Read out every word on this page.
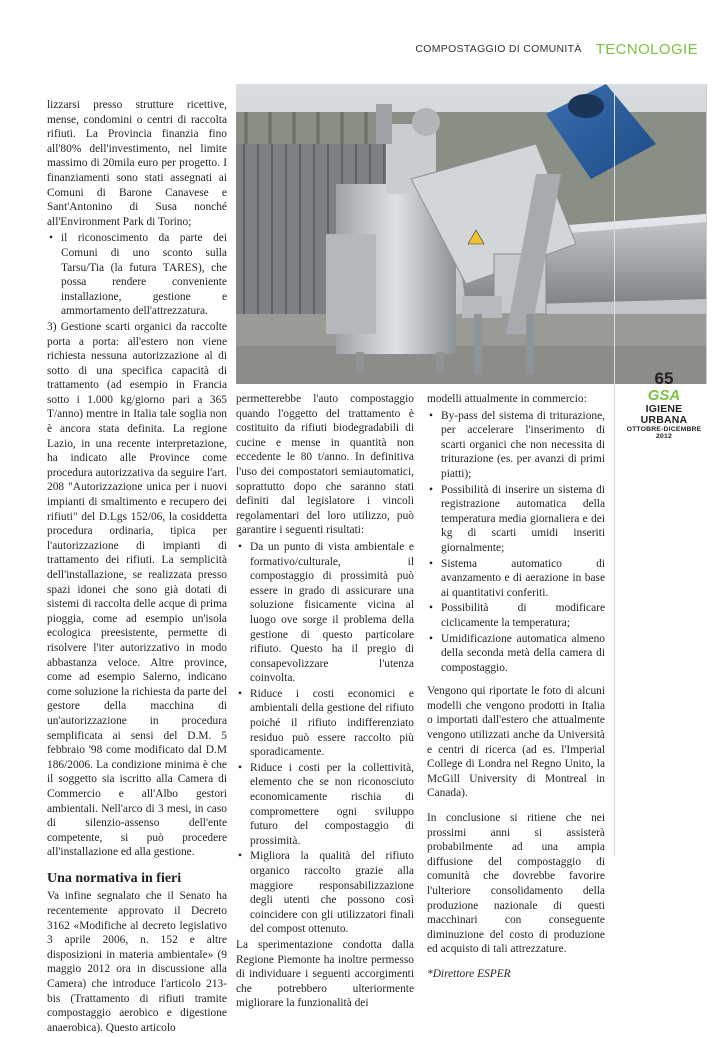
COMPOSTAGGIO DI COMUNITÀ TECNOLOGIE

lizzarsi presso strutture ricettive, mense, condomini o centri di raccolta rifiuti. La Provincia finanzia fino all'80% dell'investimento, nel limite massimo di 20mila euro per progetto. I finanziamenti sono stati assegnati ai Comuni di Barone Canavese e Sant'Antonino di Susa nonché all'Environment Park di Torino;

• il riconoscimento da parte dei Comuni di uno sconto sulla Tarsu/Tia (la futura TARES), che possa rendere conveniente installazione, gestione e ammortamento dell'attrezzatura.

3) Gestione scarti organici da raccolte porta a porta: all'estero non viene richiesta nessuna autorizzazione al di sotto di una specifica capacità di trattamento (ad esempio in Francia sotto i 1.000 kg/giorno pari a 365 T/anno) mentre in Italia tale soglia non è ancora stata definita. La regione Lazio, in una recente interpretazione, ha indicato alle Province come procedura autorizzativa da seguire l'art. 208 "Autorizzazione unica per i nuovi impianti di smaltimento e recupero dei rifiuti" del D.Lgs 152/06, la cosiddetta procedura ordinaria, tipica per l'autorizzazione di impianti di trattamento dei rifiuti. La semplicità dell'installazione, se realizzata presso spazi idonei che sono già dotati di sistemi di raccolta delle acque di prima pioggia, come ad esempio un'isola ecologica preesistente, permette di risolvere l'iter autorizzativo in modo abbastanza veloce. Altre province, come ad esempio Salerno, indicano come soluzione la richiesta da parte del gestore della macchina di un'autorizzazione in procedura semplificata ai sensi del D.M. 5 febbraio '98 come modificato dal D.M 186/2006. La condizione minima è che il soggetto sia iscritto alla Camera di Commercio e all'Albo gestori ambientali. Nell'arco di 3 mesi, in caso di silenzio-assenso dell'ente competente, si può procedere all'installazione ed alla gestione.

Una normativa in fieri

Va infine segnalato che il Senato ha recentemente approvato il Decreto 3162 «Modifiche al decreto legislativo 3 aprile 2006, n. 152 e altre disposizioni in materia ambientale» (9 maggio 2012 ora in discussione alla Camera) che introduce l'articolo 213-bis (Trattamento di rifiuti tramite compostaggio aerobico e digestione anaerobica). Questo articolo

permetterebbe l'auto compostaggio quando l'oggetto del trattamento è costituito da rifiuti biodegradabili di cucine e mense in quantità non eccedente le 80 t/anno. In definitiva l'uso dei compostatori semiautomatici, soprattutto dopo che saranno stati definiti dal legislatore i vincoli regolamentari del loro utilizzo, può garantire i seguenti risultati:

• Da un punto di vista ambientale e formativo/culturale, il compostaggio di prossimità può essere in grado di assicurare una soluzione fisicamente vicina al luogo ove sorge il problema della gestione di questo particolare rifiuto. Questo ha il pregio di consapevolizzare l'utenza coinvolta.
• Riduce i costi economici e ambientali della gestione del rifiuto poiché il rifiuto indifferenziato residuo può essere raccolto più sporadicamente.
• Riduce i costi per la collettività, elemento che se non riconosciuto economicamente rischia di compromettere ogni sviluppo futuro del compostaggio di prossimità.
• Migliora la qualità del rifiuto organico raccolto grazie alla maggiore responsabilizzazione degli utenti che possono così coincidere con gli utilizzatori finali del compost ottenuto.

La sperimentazione condotta dalla Regione Piemonte ha inoltre permesso di individuare i seguenti accorgimenti che potrebbero ulteriormente migliorare la funzionalità dei

modelli attualmente in commercio:

• By-pass del sistema di triturazione, per accelerare l'inserimento di scarti organici che non necessita di triturazione (es. per avanzi di primi piatti);
• Possibilità di inserire un sistema di registrazione automatica della temperatura media giornaliera e dei kg di scarti umidi inseriti giornalmente;
• Sistema automatico di avanzamento e di aerazione in base ai quantitativi conferiti.
• Possibilità di modificare ciclicamente la temperatura;
• Umidificazione automatica almeno della seconda metà della camera di compostaggio.

Vengono qui riportate le foto di alcuni modelli che vengono prodotti in Italia o importati dall'estero che attualmente vengono utilizzati anche da Università e centri di ricerca (ad es. l'Imperial College di Londra nel Regno Unito, la McGill University di Montreal in Canada).

In conclusione si ritiene che nei prossimi anni si assisterà probabilmente ad una ampia diffusione del compostaggio di comunità che dovrebbe favorire l'ulteriore consolidamento della produzione nazionale di questi macchinari con conseguente diminuzione del costo di produzione ed acquisto di tali attrezzature.

*Direttore ESPER
65
GSA
IGIENE URBANA
OTTOBRE-DICEMBRE 2012
